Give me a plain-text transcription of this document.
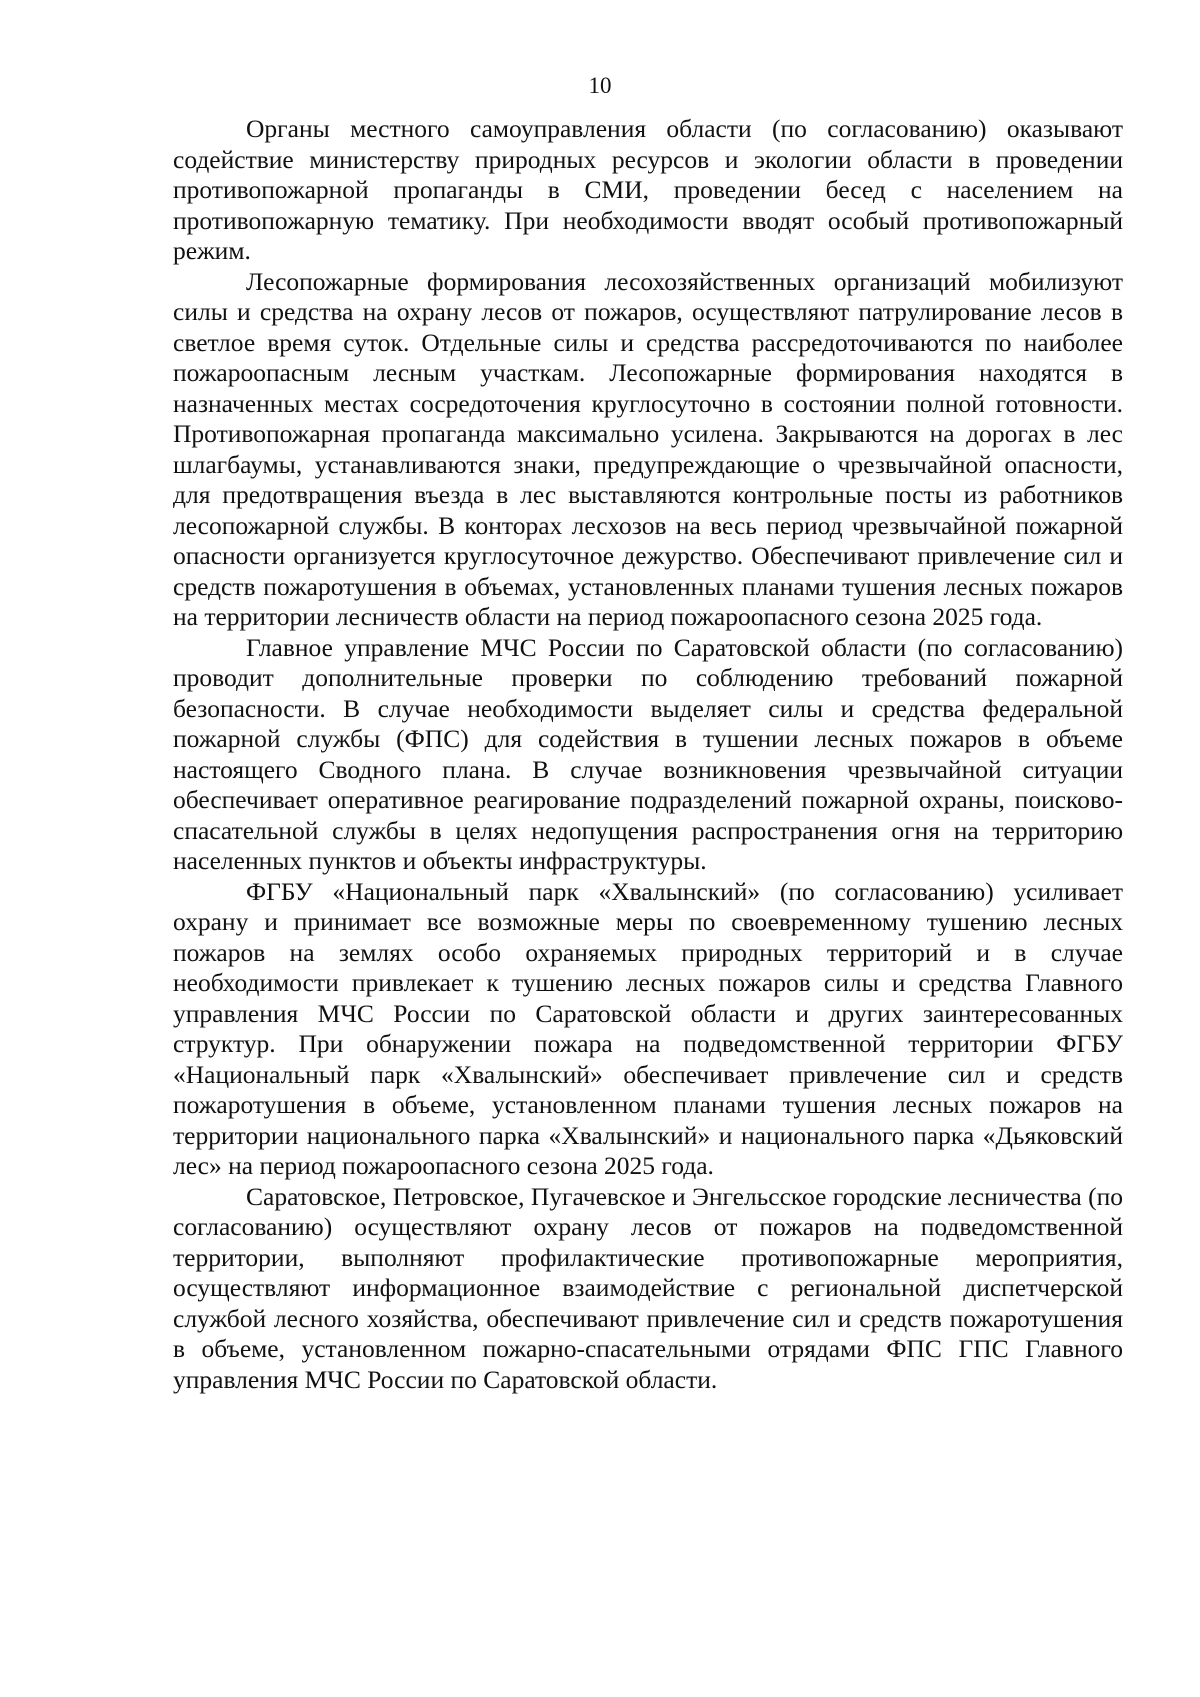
10

Органы местного самоуправления области (по согласованию) оказывают содействие министерству природных ресурсов и экологии области в проведении противопожарной пропаганды в СМИ, проведении бесед с населением на противопожарную тематику. При необходимости вводят особый противопожарный режим.

Лесопожарные формирования лесохозяйственных организаций мобилизуют силы и средства на охрану лесов от пожаров, осуществляют патрулирование лесов в светлое время суток. Отдельные силы и средства рассредоточиваются по наиболее пожароопасным лесным участкам. Лесопожарные формирования находятся в назначенных местах сосредоточения круглосуточно в состоянии полной готовности. Противопожарная пропаганда максимально усилена. Закрываются на дорогах в лес шлагбаумы, устанавливаются знаки, предупреждающие о чрезвычайной опасности, для предотвращения въезда в лес выставляются контрольные посты из работников лесопожарной службы. В конторах лесхозов на весь период чрезвычайной пожарной опасности организуется круглосуточное дежурство. Обеспечивают привлечение сил и средств пожаротушения в объемах, установленных планами тушения лесных пожаров на территории лесничеств области на период пожароопасного сезона 2025 года.

Главное управление МЧС России по Саратовской области (по согласованию) проводит дополнительные проверки по соблюдению требований пожарной безопасности. В случае необходимости выделяет силы и средства федеральной пожарной службы (ФПС) для содействия в тушении лесных пожаров в объеме настоящего Сводного плана. В случае возникновения чрезвычайной ситуации обеспечивает оперативное реагирование подразделений пожарной охраны, поисково-спасательной службы в целях недопущения распространения огня на территорию населенных пунктов и объекты инфраструктуры.

ФГБУ «Национальный парк «Хвалынский» (по согласованию) усиливает охрану и принимает все возможные меры по своевременному тушению лесных пожаров на землях особо охраняемых природных территорий и в случае необходимости привлекает к тушению лесных пожаров силы и средства Главного управления МЧС России по Саратовской области и других заинтересованных структур. При обнаружении пожара на подведомственной территории ФГБУ «Национальный парк «Хвалынский» обеспечивает привлечение сил и средств пожаротушения в объеме, установленном планами тушения лесных пожаров на территории национального парка «Хвалынский» и национального парка «Дьяковский лес» на период пожароопасного сезона 2025 года.

Саратовское, Петровское, Пугачевское и Энгельсское городские лесничества (по согласованию) осуществляют охрану лесов от пожаров на подведомственной территории, выполняют профилактические противопожарные мероприятия, осуществляют информационное взаимодействие с региональной диспетчерской службой лесного хозяйства, обеспечивают привлечение сил и средств пожаротушения в объеме, установленном пожарно-спасательными отрядами ФПС ГПС Главного управления МЧС России по Саратовской области.
